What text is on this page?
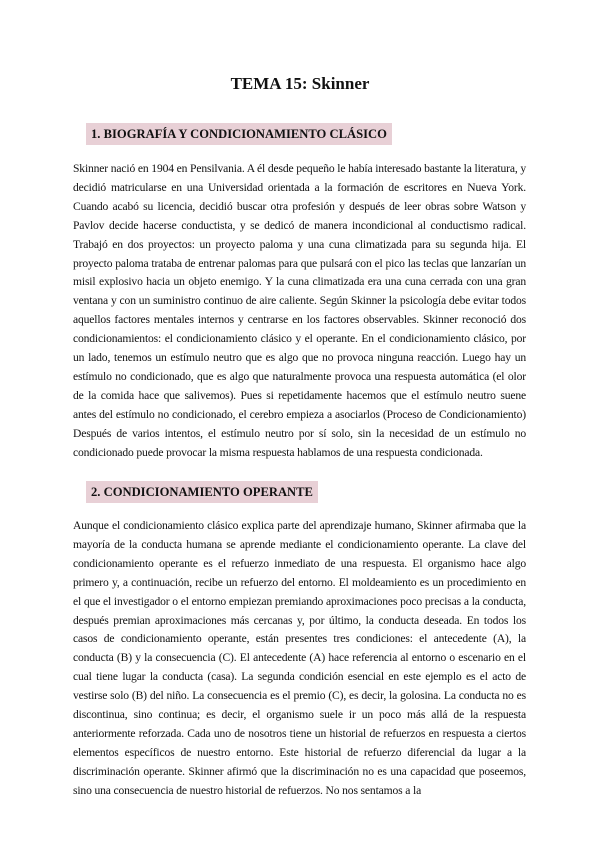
TEMA 15: Skinner
1. BIOGRAFÍA Y CONDICIONAMIENTO CLÁSICO

Skinner nació en 1904 en Pensilvania. A él desde pequeño le había interesado bastante la literatura, y decidió matricularse en una Universidad orientada a la formación de escritores en Nueva York. Cuando acabó su licencia, decidió buscar otra profesión y después de leer obras sobre Watson y Pavlov decide hacerse conductista, y se dedicó de manera incondicional al conductismo radical. Trabajó en dos proyectos: un proyecto paloma y una cuna climatizada para su segunda hija. El proyecto paloma trataba de entrenar palomas para que pulsará con el pico las teclas que lanzarían un misil explosivo hacia un objeto enemigo. Y la cuna climatizada era una cuna cerrada con una gran ventana y con un suministro continuo de aire caliente. Según Skinner la psicología debe evitar todos aquellos factores mentales internos y centrarse en los factores observables. Skinner reconoció dos condicionamientos: el condicionamiento clásico y el operante. En el condicionamiento clásico, por un lado, tenemos un estímulo neutro que es algo que no provoca ninguna reacción. Luego hay un estímulo no condicionado, que es algo que naturalmente provoca una respuesta automática (el olor de la comida hace que salivemos). Pues si repetidamente hacemos que el estímulo neutro suene antes del estímulo no condicionado, el cerebro empieza a asociarlos (Proceso de Condicionamiento) Después de varios intentos, el estímulo neutro por sí solo, sin la necesidad de un estímulo no condicionado puede provocar la misma respuesta hablamos de una respuesta condicionada.

2. CONDICIONAMIENTO OPERANTE

Aunque el condicionamiento clásico explica parte del aprendizaje humano, Skinner afirmaba que la mayoría de la conducta humana se aprende mediante el condicionamiento operante. La clave del condicionamiento operante es el refuerzo inmediato de una respuesta. El organismo hace algo primero y, a continuación, recibe un refuerzo del entorno. El moldeamiento es un procedimiento en el que el investigador o el entorno empiezan premiando aproximaciones poco precisas a la conducta, después premian aproximaciones más cercanas y, por último, la conducta deseada. En todos los casos de condicionamiento operante, están presentes tres condiciones: el antecedente (A), la conducta (B) y la consecuencia (C). El antecedente (A) hace referencia al entorno o escenario en el cual tiene lugar la conducta (casa). La segunda condición esencial en este ejemplo es el acto de vestirse solo (B) del niño. La consecuencia es el premio (C), es decir, la golosina. La conducta no es discontinua, sino continua; es decir, el organismo suele ir un poco más allá de la respuesta anteriormente reforzada. Cada uno de nosotros tiene un historial de refuerzos en respuesta a ciertos elementos específicos de nuestro entorno. Este historial de refuerzo diferencial da lugar a la discriminación operante. Skinner afirmó que la discriminación no es una capacidad que poseemos, sino una consecuencia de nuestro historial de refuerzos. No nos sentamos a la
